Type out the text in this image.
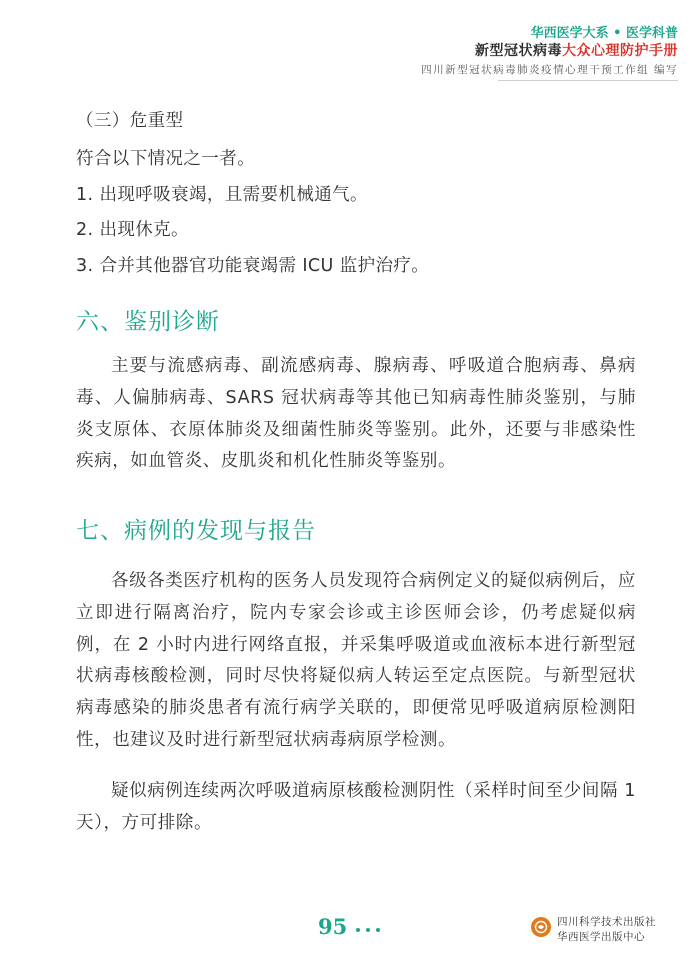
华西医学大系 • 医学科普
新型冠状病毒大众心理防护手册
四川新型冠状病毒肺炎疫情心理干预工作组 编写
（三）危重型
符合以下情况之一者。
1. 出现呼吸衰竭，且需要机械通气。
2. 出现休克。
3. 合并其他器官功能衰竭需 ICU 监护治疗。
六、鉴别诊断

主要与流感病毒、副流感病毒、腺病毒、呼吸道合胞病毒、鼻病毒、人偏肺病毒、SARS 冠状病毒等其他已知病毒性肺炎鉴别，与肺炎支原体、衣原体肺炎及细菌性肺炎等鉴别。此外，还要与非感染性疾病，如血管炎、皮肌炎和机化性肺炎等鉴别。

七、病例的发现与报告

各级各类医疗机构的医务人员发现符合病例定义的疑似病例后，应立即进行隔离治疗，院内专家会诊或主诊医师会诊，仍考虑疑似病例，在 2 小时内进行网络直报，并采集呼吸道或血液标本进行新型冠状病毒核酸检测，同时尽快将疑似病人转运至定点医院。与新型冠状病毒感染的肺炎患者有流行病学关联的，即便常见呼吸道病原检测阳性，也建议及时进行新型冠状病毒病原学检测。

疑似病例连续两次呼吸道病原核酸检测阴性（采样时间至少间隔 1 天），方可排除。

95	四川科学技术出版社
华西医学出版中心
